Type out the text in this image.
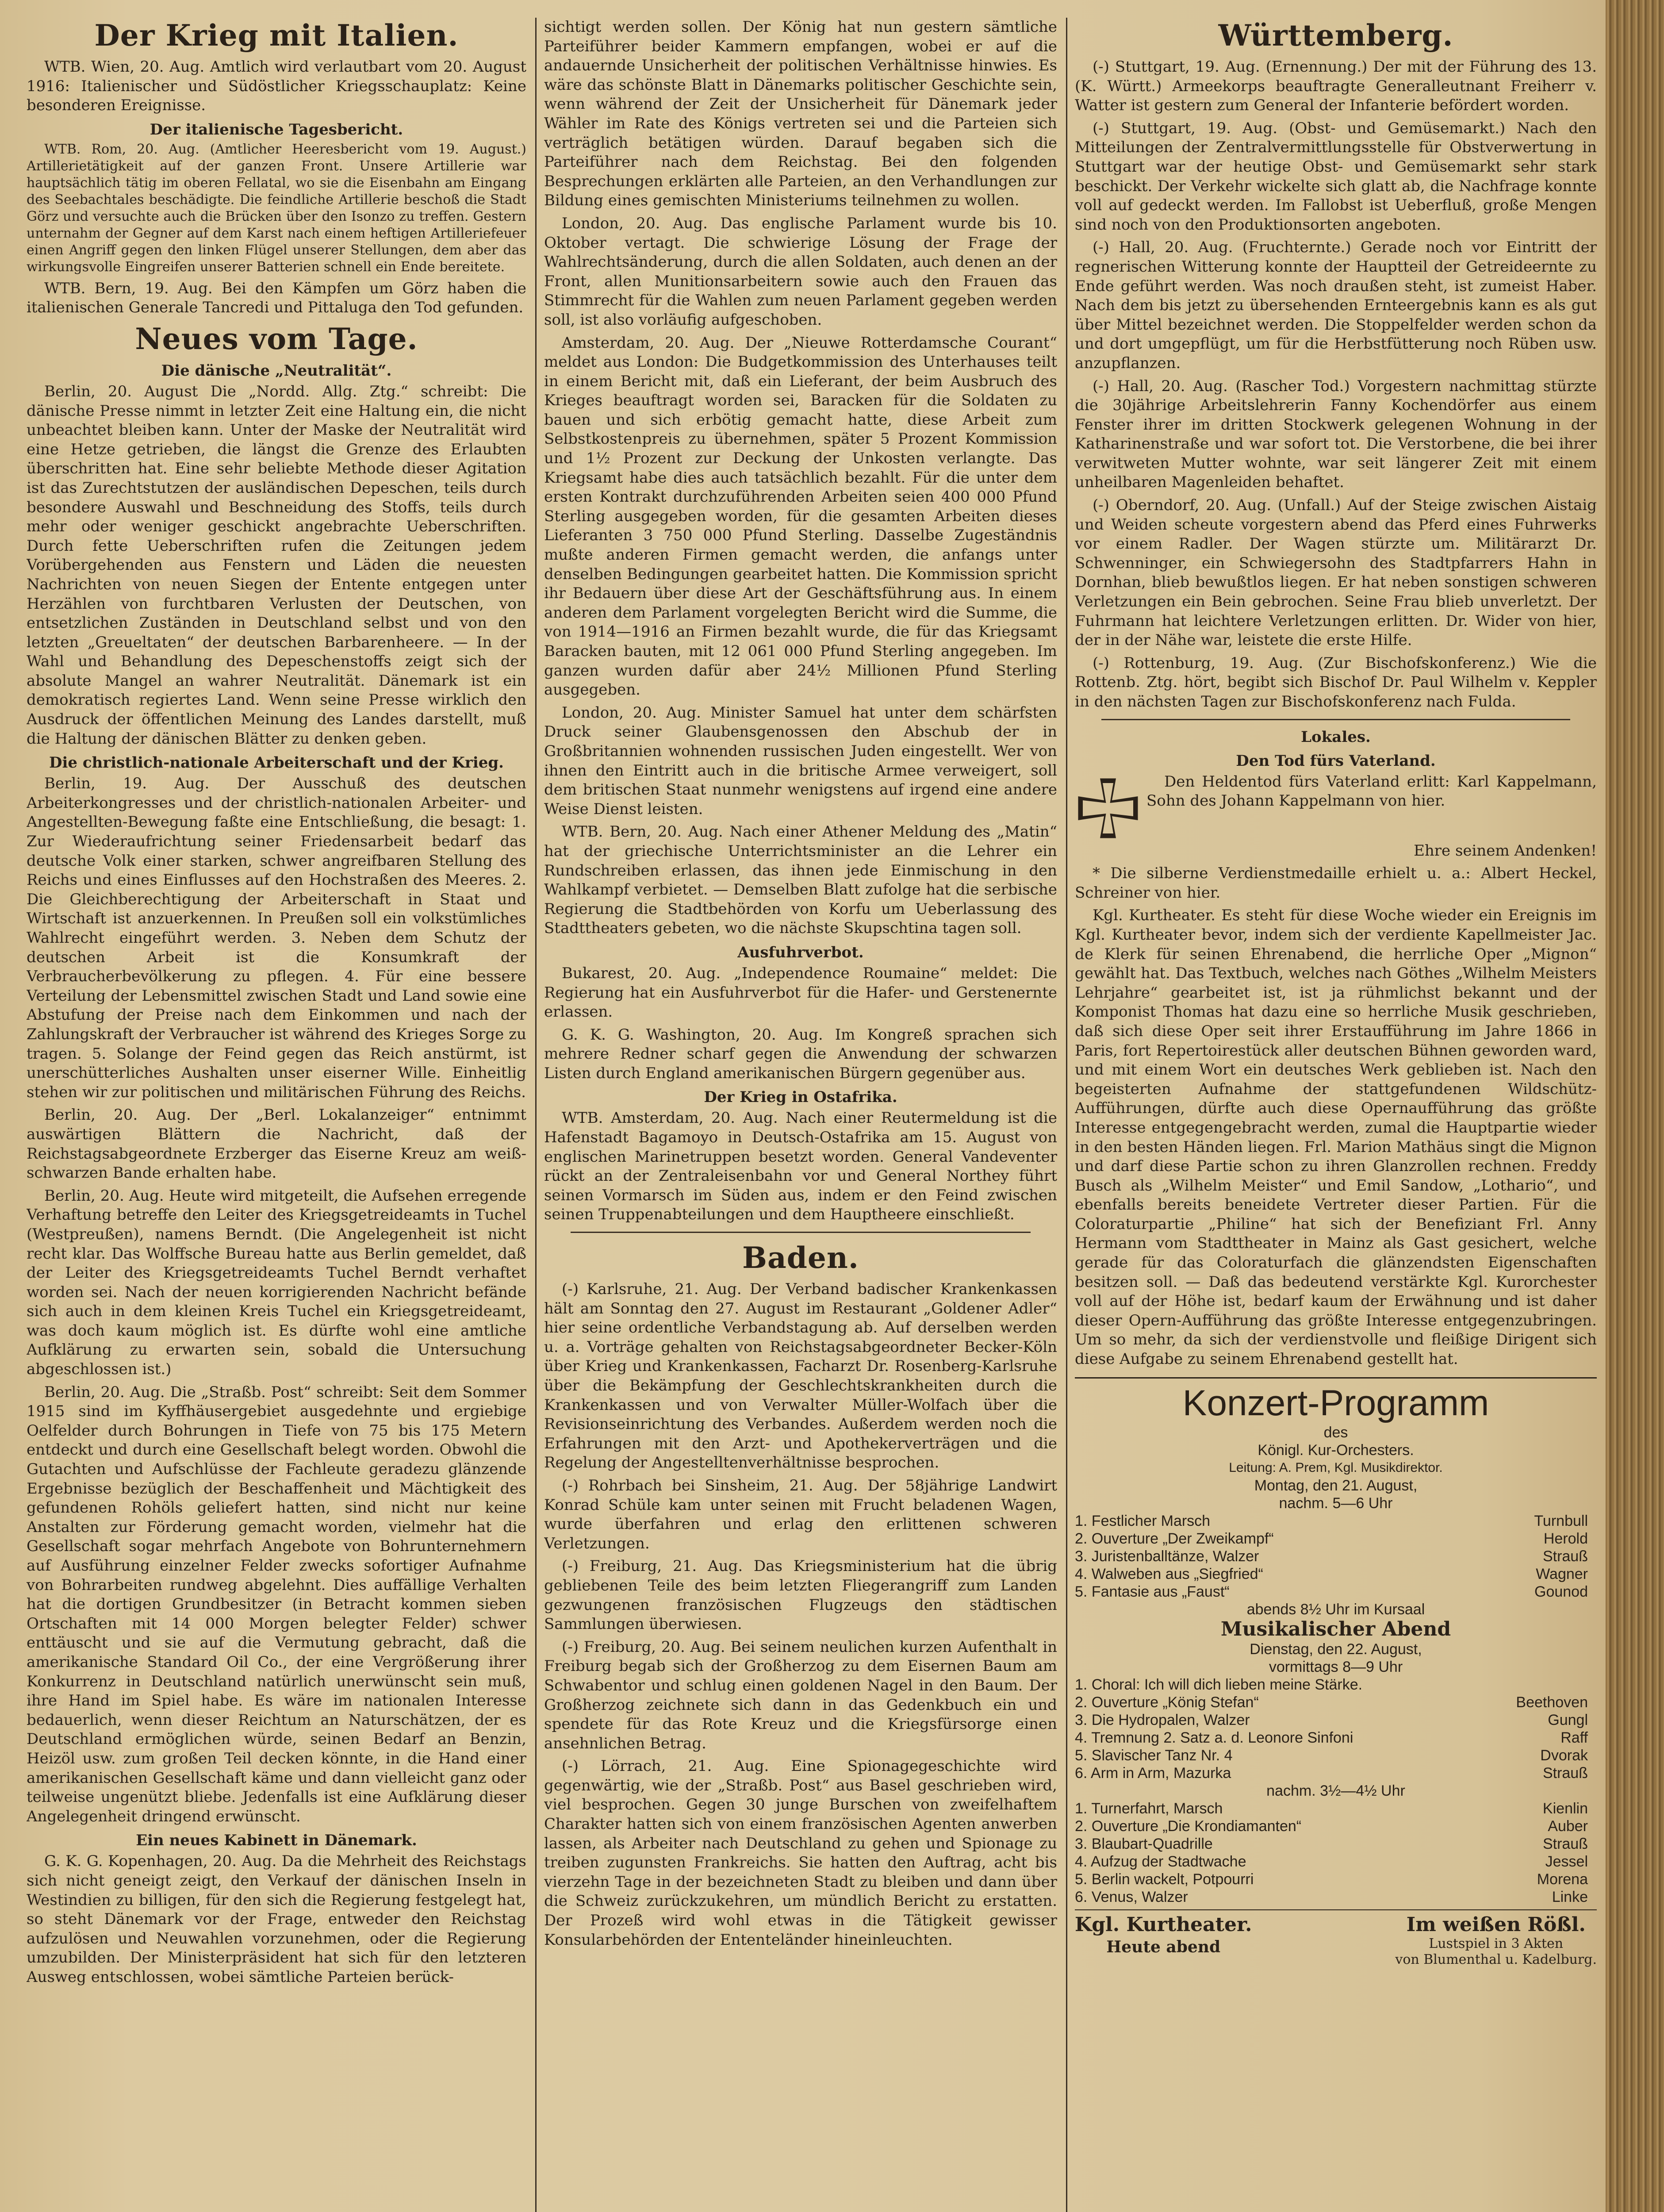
Der Krieg mit Italien.

WTB. Wien, 20. Aug. Amtlich wird verlautbart vom 20. August 1916: Italienischer und Südöstlicher Kriegsschauplatz: Keine besonderen Ereignisse.

Der italienische Tagesbericht.

WTB. Rom, 20. Aug. (Amtlicher Heeresbericht vom 19. August.) Artillerietätigkeit auf der ganzen Front. Unsere Artillerie war hauptsächlich tätig im oberen Fellatal, wo sie die Eisenbahn am Eingang des Seebachtales beschädigte. Die feindliche Artillerie beschoß die Stadt Görz und versuchte auch die Brücken über den Isonzo zu treffen. Gestern unternahm der Gegner auf dem Karst nach einem heftigen Artilleriefeuer einen Angriff gegen den linken Flügel unserer Stellungen, dem aber das wirkungsvolle Eingreifen unserer Batterien schnell ein Ende bereitete.

WTB. Bern, 19. Aug. Bei den Kämpfen um Görz haben die italienischen Generale Tancredi und Pittaluga den Tod gefunden.

Neues vom Tage.
Die dänische „Neutralität“.

Berlin, 20. August Die „Nordd. Allg. Ztg.“ schreibt: Die dänische Presse nimmt in letzter Zeit eine Haltung ein, die nicht unbeachtet bleiben kann. Unter der Maske der Neutralität wird eine Hetze getrieben, die längst die Grenze des Erlaubten überschritten hat. Eine sehr beliebte Methode dieser Agitation ist das Zurechtstutzen der ausländischen Depeschen, teils durch besondere Auswahl und Beschneidung des Stoffs, teils durch mehr oder weniger geschickt angebrachte Ueberschriften. Durch fette Ueberschriften rufen die Zeitungen jedem Vorübergehenden aus Fenstern und Läden die neuesten Nachrichten von neuen Siegen der Entente entgegen unter Herzählen von furchtbaren Verlusten der Deutschen, von entsetzlichen Zuständen in Deutschland selbst und von den letzten „Greueltaten“ der deutschen Barbarenheere. — In der Wahl und Behandlung des Depeschenstoffs zeigt sich der absolute Mangel an wahrer Neutralität. Dänemark ist ein demokratisch regiertes Land. Wenn seine Presse wirklich den Ausdruck der öffentlichen Meinung des Landes darstellt, muß die Haltung der dänischen Blätter zu denken geben.

Die christlich-nationale Arbeiterschaft und der Krieg.

Berlin, 19. Aug. Der Ausschuß des deutschen Arbeiterkongresses und der christlich-nationalen Arbeiter- und Angestellten-Bewegung faßte eine Entschließung, die besagt: 1. Zur Wiederaufrichtung seiner Friedensarbeit bedarf das deutsche Volk einer starken, schwer angreifbaren Stellung des Reichs und eines Einflusses auf den Hochstraßen des Meeres. 2. Die Gleichberechtigung der Arbeiterschaft in Staat und Wirtschaft ist anzuerkennen. In Preußen soll ein volkstümliches Wahlrecht eingeführt werden. 3. Neben dem Schutz der deutschen Arbeit ist die Konsumkraft der Verbraucherbevölkerung zu pflegen. 4. Für eine bessere Verteilung der Lebensmittel zwischen Stadt und Land sowie eine Abstufung der Preise nach dem Einkommen und nach der Zahlungskraft der Verbraucher ist während des Krieges Sorge zu tragen. 5. Solange der Feind gegen das Reich anstürmt, ist unerschütterliches Aushalten unser eiserner Wille. Einheitlig stehen wir zur politischen und militärischen Führung des Reichs.

Berlin, 20. Aug. Der „Berl. Lokalanzeiger“ entnimmt auswärtigen Blättern die Nachricht, daß der Reichstagsabgeordnete Erzberger das Eiserne Kreuz am weiß-schwarzen Bande erhalten habe.

Berlin, 20. Aug. Heute wird mitgeteilt, die Aufsehen erregende Verhaftung betreffe den Leiter des Kriegsgetreideamts in Tuchel (Westpreußen), namens Berndt. (Die Angelegenheit ist nicht recht klar. Das Wolffsche Bureau hatte aus Berlin gemeldet, daß der Leiter des Kriegsgetreideamts Tuchel Berndt verhaftet worden sei. Nach der neuen korrigierenden Nachricht befände sich auch in dem kleinen Kreis Tuchel ein Kriegsgetreideamt, was doch kaum möglich ist. Es dürfte wohl eine amtliche Aufklärung zu erwarten sein, sobald die Untersuchung abgeschlossen ist.)

Berlin, 20. Aug. Die „Straßb. Post“ schreibt: Seit dem Sommer 1915 sind im Kyffhäusergebiet ausgedehnte und ergiebige Oelfelder durch Bohrungen in Tiefe von 75 bis 175 Metern entdeckt und durch eine Gesellschaft belegt worden. Obwohl die Gutachten und Aufschlüsse der Fachleute geradezu glänzende Ergebnisse bezüglich der Beschaffenheit und Mächtigkeit des gefundenen Rohöls geliefert hatten, sind nicht nur keine Anstalten zur Förderung gemacht worden, vielmehr hat die Gesellschaft sogar mehrfach Angebote von Bohrunternehmern auf Ausführung einzelner Felder zwecks sofortiger Aufnahme von Bohrarbeiten rundweg abgelehnt. Dies auffällige Verhalten hat die dortigen Grundbesitzer (in Betracht kommen sieben Ortschaften mit 14 000 Morgen belegter Felder) schwer enttäuscht und sie auf die Vermutung gebracht, daß die amerikanische Standard Oil Co., der eine Vergrößerung ihrer Konkurrenz in Deutschland natürlich unerwünscht sein muß, ihre Hand im Spiel habe. Es wäre im nationalen Interesse bedauerlich, wenn dieser Reichtum an Naturschätzen, der es Deutschland ermöglichen würde, seinen Bedarf an Benzin, Heizöl usw. zum großen Teil decken könnte, in die Hand einer amerikanischen Gesellschaft käme und dann vielleicht ganz oder teilweise ungenützt bliebe. Jedenfalls ist eine Aufklärung dieser Angelegenheit dringend erwünscht.

Ein neues Kabinett in Dänemark.

G. K. G. Kopenhagen, 20. Aug. Da die Mehrheit des Reichstags sich nicht geneigt zeigt, den Verkauf der dänischen Inseln in Westindien zu billigen, für den sich die Regierung festgelegt hat, so steht Dänemark vor der Frage, entweder den Reichstag aufzulösen und Neuwahlen vorzunehmen, oder die Regierung umzubilden. Der Ministerpräsident hat sich für den letzteren Ausweg entschlossen, wobei sämtliche Parteien berück-

sichtigt werden sollen. Der König hat nun gestern sämtliche Parteiführer beider Kammern empfangen, wobei er auf die andauernde Unsicherheit der politischen Verhältnisse hinwies. Es wäre das schönste Blatt in Dänemarks politischer Geschichte sein, wenn während der Zeit der Unsicherheit für Dänemark jeder Wähler im Rate des Königs vertreten sei und die Parteien sich verträglich betätigen würden. Darauf begaben sich die Parteiführer nach dem Reichstag. Bei den folgenden Besprechungen erklärten alle Parteien, an den Verhandlungen zur Bildung eines gemischten Ministeriums teilnehmen zu wollen.

London, 20. Aug. Das englische Parlament wurde bis 10. Oktober vertagt. Die schwierige Lösung der Frage der Wahlrechtsänderung, durch die allen Soldaten, auch denen an der Front, allen Munitionsarbeitern sowie auch den Frauen das Stimmrecht für die Wahlen zum neuen Parlament gegeben werden soll, ist also vorläufig aufgeschoben.

Amsterdam, 20. Aug. Der „Nieuwe Rotterdamsche Courant“ meldet aus London: Die Budgetkommission des Unterhauses teilt in einem Bericht mit, daß ein Lieferant, der beim Ausbruch des Krieges beauftragt worden sei, Baracken für die Soldaten zu bauen und sich erbötig gemacht hatte, diese Arbeit zum Selbstkostenpreis zu übernehmen, später 5 Prozent Kommission und 1½ Prozent zur Deckung der Unkosten verlangte. Das Kriegsamt habe dies auch tatsächlich bezahlt. Für die unter dem ersten Kontrakt durchzuführenden Arbeiten seien 400 000 Pfund Sterling ausgegeben worden, für die gesamten Arbeiten dieses Lieferanten 3 750 000 Pfund Sterling. Dasselbe Zugeständnis mußte anderen Firmen gemacht werden, die anfangs unter denselben Bedingungen gearbeitet hatten. Die Kommission spricht ihr Bedauern über diese Art der Geschäftsführung aus. In einem anderen dem Parlament vorgelegten Bericht wird die Summe, die von 1914—1916 an Firmen bezahlt wurde, die für das Kriegsamt Baracken bauten, mit 12 061 000 Pfund Sterling angegeben. Im ganzen wurden dafür aber 24½ Millionen Pfund Sterling ausgegeben.

London, 20. Aug. Minister Samuel hat unter dem schärfsten Druck seiner Glaubensgenossen den Abschub der in Großbritannien wohnenden russischen Juden eingestellt. Wer von ihnen den Eintritt auch in die britische Armee verweigert, soll dem britischen Staat nunmehr wenigstens auf irgend eine andere Weise Dienst leisten.

WTB. Bern, 20. Aug. Nach einer Athener Meldung des „Matin“ hat der griechische Unterrichtsminister an die Lehrer ein Rundschreiben erlassen, das ihnen jede Einmischung in den Wahlkampf verbietet. — Demselben Blatt zufolge hat die serbische Regierung die Stadtbehörden von Korfu um Ueberlassung des Stadttheaters gebeten, wo die nächste Skupschtina tagen soll.

Ausfuhrverbot.

Bukarest, 20. Aug. „Independence Roumaine“ meldet: Die Regierung hat ein Ausfuhrverbot für die Hafer- und Gerstenernte erlassen.

G. K. G. Washington, 20. Aug. Im Kongreß sprachen sich mehrere Redner scharf gegen die Anwendung der schwarzen Listen durch England amerikanischen Bürgern gegenüber aus.

Der Krieg in Ostafrika.

WTB. Amsterdam, 20. Aug. Nach einer Reutermeldung ist die Hafenstadt Bagamoyo in Deutsch-Ostafrika am 15. August von englischen Marinetruppen besetzt worden. General Vandeventer rückt an der Zentraleisenbahn vor und General Northey führt seinen Vormarsch im Süden aus, indem er den Feind zwischen seinen Truppenabteilungen und dem Hauptheere einschließt.

Baden.

(-) Karlsruhe, 21. Aug. Der Verband badischer Krankenkassen hält am Sonntag den 27. August im Restaurant „Goldener Adler“ hier seine ordentliche Verbandstagung ab. Auf derselben werden u. a. Vorträge gehalten von Reichstagsabgeordneter Becker-Köln über Krieg und Krankenkassen, Facharzt Dr. Rosenberg-Karlsruhe über die Bekämpfung der Geschlechtskrankheiten durch die Krankenkassen und von Verwalter Müller-Wolfach über die Revisionseinrichtung des Verbandes. Außerdem werden noch die Erfahrungen mit den Arzt- und Apothekerverträgen und die Regelung der Angestelltenverhältnisse besprochen.

(-) Rohrbach bei Sinsheim, 21. Aug. Der 58jährige Landwirt Konrad Schüle kam unter seinen mit Frucht beladenen Wagen, wurde überfahren und erlag den erlittenen schweren Verletzungen.

(-) Freiburg, 21. Aug. Das Kriegsministerium hat die übrig gebliebenen Teile des beim letzten Fliegerangriff zum Landen gezwungenen französischen Flugzeugs den städtischen Sammlungen überwiesen.

(-) Freiburg, 20. Aug. Bei seinem neulichen kurzen Aufenthalt in Freiburg begab sich der Großherzog zu dem Eisernen Baum am Schwabentor und schlug einen goldenen Nagel in den Baum. Der Großherzog zeichnete sich dann in das Gedenkbuch ein und spendete für das Rote Kreuz und die Kriegsfürsorge einen ansehnlichen Betrag.

(-) Lörrach, 21. Aug. Eine Spionagegeschichte wird gegenwärtig, wie der „Straßb. Post“ aus Basel geschrieben wird, viel besprochen. Gegen 30 junge Burschen von zweifelhaftem Charakter hatten sich von einem französischen Agenten anwerben lassen, als Arbeiter nach Deutschland zu gehen und Spionage zu treiben zugunsten Frankreichs. Sie hatten den Auftrag, acht bis vierzehn Tage in der bezeichneten Stadt zu bleiben und dann über die Schweiz zurückzukehren, um mündlich Bericht zu erstatten. Der Prozeß wird wohl etwas in die Tätigkeit gewisser Konsularbehörden der Ententeländer hineinleuchten.

Württemberg.

(-) Stuttgart, 19. Aug. (Ernennung.) Der mit der Führung des 13. (K. Württ.) Armeekorps beauftragte Generalleutnant Freiherr v. Watter ist gestern zum General der Infanterie befördert worden.

(-) Stuttgart, 19. Aug. (Obst- und Gemüsemarkt.) Nach den Mitteilungen der Zentralvermittlungsstelle für Obstverwertung in Stuttgart war der heutige Obst- und Gemüsemarkt sehr stark beschickt. Der Verkehr wickelte sich glatt ab, die Nachfrage konnte voll auf gedeckt werden. Im Fallobst ist Ueberfluß, große Mengen sind noch von den Produktionsorten angeboten.

(-) Hall, 20. Aug. (Fruchternte.) Gerade noch vor Eintritt der regnerischen Witterung konnte der Hauptteil der Getreideernte zu Ende geführt werden. Was noch draußen steht, ist zumeist Haber. Nach dem bis jetzt zu übersehenden Ernteergebnis kann es als gut über Mittel bezeichnet werden. Die Stoppelfelder werden schon da und dort umgepflügt, um für die Herbstfütterung noch Rüben usw. anzupflanzen.

(-) Hall, 20. Aug. (Rascher Tod.) Vorgestern nachmittag stürzte die 30jährige Arbeitslehrerin Fanny Kochendörfer aus einem Fenster ihrer im dritten Stockwerk gelegenen Wohnung in der Katharinenstraße und war sofort tot. Die Verstorbene, die bei ihrer verwitweten Mutter wohnte, war seit längerer Zeit mit einem unheilbaren Magenleiden behaftet.

(-) Oberndorf, 20. Aug. (Unfall.) Auf der Steige zwischen Aistaig und Weiden scheute vorgestern abend das Pferd eines Fuhrwerks vor einem Radler. Der Wagen stürzte um. Militärarzt Dr. Schwenninger, ein Schwiegersohn des Stadtpfarrers Hahn in Dornhan, blieb bewußtlos liegen. Er hat neben sonstigen schweren Verletzungen ein Bein gebrochen. Seine Frau blieb unverletzt. Der Fuhrmann hat leichtere Verletzungen erlitten. Dr. Wider von hier, der in der Nähe war, leistete die erste Hilfe.

(-) Rottenburg, 19. Aug. (Zur Bischofskonferenz.) Wie die Rottenb. Ztg. hört, begibt sich Bischof Dr. Paul Wilhelm v. Keppler in den nächsten Tagen zur Bischofskonferenz nach Fulda.

Lokales.
Den Tod fürs Vaterland.

Den Heldentod fürs Vaterland erlitt: Karl Kappelmann, Sohn des Johann Kappelmann von hier.

Ehre seinem Andenken!

* Die silberne Verdienstmedaille erhielt u. a.: Albert Heckel, Schreiner von hier.

Kgl. Kurtheater. Es steht für diese Woche wieder ein Ereignis im Kgl. Kurtheater bevor, indem sich der verdiente Kapellmeister Jac. de Klerk für seinen Ehrenabend, die herrliche Oper „Mignon“ gewählt hat. Das Textbuch, welches nach Göthes „Wilhelm Meisters Lehrjahre“ gearbeitet ist, ist ja rühmlichst bekannt und der Komponist Thomas hat dazu eine so herrliche Musik geschrieben, daß sich diese Oper seit ihrer Erstaufführung im Jahre 1866 in Paris, fort Repertoirestück aller deutschen Bühnen geworden ward, und mit einem Wort ein deutsches Werk geblieben ist. Nach den begeisterten Aufnahme der stattgefundenen Wildschütz-Aufführungen, dürfte auch diese Opernaufführung das größte Interesse entgegengebracht werden, zumal die Hauptpartie wieder in den besten Händen liegen. Frl. Marion Mathäus singt die Mignon und darf diese Partie schon zu ihren Glanzrollen rechnen. Freddy Busch als „Wilhelm Meister“ und Emil Sandow, „Lothario“, und ebenfalls bereits beneidete Vertreter dieser Partien. Für die Coloraturpartie „Philine“ hat sich der Benefiziant Frl. Anny Hermann vom Stadttheater in Mainz als Gast gesichert, welche gerade für das Coloraturfach die glänzendsten Eigenschaften besitzen soll. — Daß das bedeutend verstärkte Kgl. Kurorchester voll auf der Höhe ist, bedarf kaum der Erwähnung und ist daher dieser Opern-Aufführung das größte Interesse entgegenzubringen. Um so mehr, da sich der verdienstvolle und fleißige Dirigent sich diese Aufgabe zu seinem Ehrenabend gestellt hat.

Konzert-Programm
des
Königl. Kur-Orchesters.
Leitung: A. Prem, Kgl. Musikdirektor.
Montag, den 21. August,
nachm. 5—6 Uhr
1. Festlicher Marsch	Turnbull
2. Ouverture „Der Zweikampf“	Herold
3. Juristenballtänze, Walzer	Strauß
4. Walweben aus „Siegfried“	Wagner
5. Fantasie aus „Faust“	Gounod
abends 8½ Uhr im Kursaal
Musikalischer Abend
Dienstag, den 22. August,
vormittags 8—9 Uhr
1. Choral: Ich will dich lieben meine Stärke.
2. Ouverture „König Stefan“	Beethoven
3. Die Hydropalen, Walzer	Gungl
4. Tremnung 2. Satz a. d. Leonore Sinfoni	Raff
5. Slavischer Tanz Nr. 4	Dvorak
6. Arm in Arm, Mazurka	Strauß
nachm. 3½—4½ Uhr
1. Turnerfahrt, Marsch	Kienlin
2. Ouverture „Die Krondiamanten“	Auber
3. Blaubart-Quadrille	Strauß
4. Aufzug der Stadtwache	Jessel
5. Berlin wackelt, Potpourri	Morena
6. Venus, Walzer	Linke
Kgl. Kurtheater.
Heute abend
Im weißen Rößl.
Lustspiel in 3 Akten
von Blumenthal u. Kadelburg.
